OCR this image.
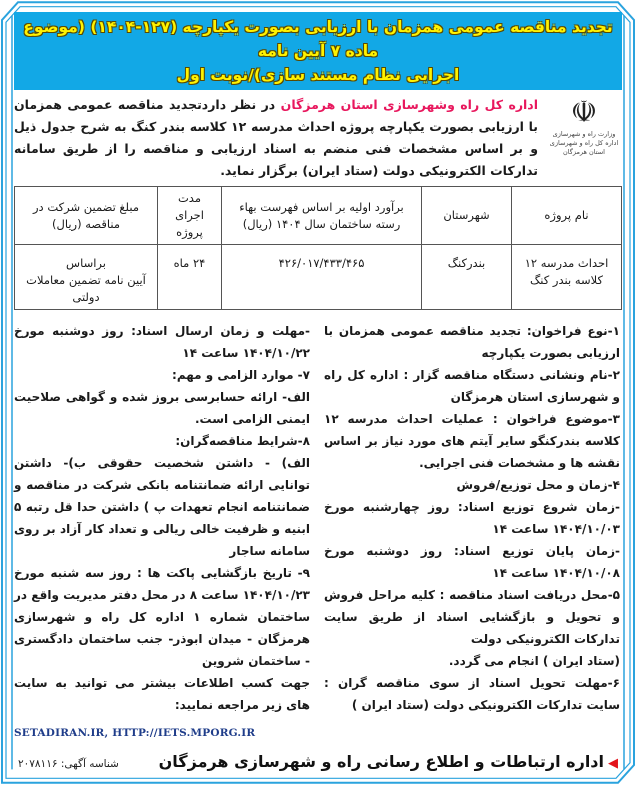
تجدید مناقصه عمومی همزمان با ارزیابی بصورت یکپارچه (۱۲۷-۱۴۰۴) (موضوع ماده ۷ آیین نامه
اجرایی نظام مستند سازی)/نوبت اول
☫
وزارت راه و شهرسازی
اداره کل راه و شهرسازی استان هرمزگان
اداره کل راه وشهرسازی استان هرمزگان در نظر داردتجدید مناقصه عمومی همزمان با ارزیابی بصورت یکپارچه پروژه احداث مدرسه ۱۲ کلاسه بندر کنگ به شرح جدول ذیل و بر اساس مشخصات فنی منضم به اسناد ارزیابی و مناقصه را از طریق سامانه تدارکات الکترونیکی دولت (ستاد ایران) برگزار نماید.
نام پروژه	شهرستان	برآورد اولیه بر اساس فهرست بهاء رسته ساختمان سال ۱۴۰۴ (ریال)	مدت اجرای پروژه	مبلغ تضمین شرکت در مناقصه (ریال)
احداث مدرسه ۱۲ کلاسه بندر کنگ	بندرکنگ	۴۲۶/۰۱۷/۴۳۳/۴۶۵	۲۴ ماه	براساس
آیین نامه تضمین معاملات دولتی

۱-نوع فراخوان: تجدید مناقصه عمومی همزمان با ارزیابی بصورت یکپارچه

۲-نام ونشانی دستگاه مناقصه گزار : اداره کل راه و شهرسازی استان هرمزگان

۳-موضوع فراخوان : عملیات احداث مدرسه ۱۲ کلاسه بندرکنگو سایر آیتم های مورد نیاز بر اساس نقشه ها و مشخصات فنی اجرایی.

۴-زمان و محل توزیع/فروش

-زمان شروع توزیع اسناد: روز چهارشنبه مورخ ۱۴۰۴/۱۰/۰۳ ساعت ۱۴

-زمان پایان توزیع اسناد: روز دوشنبه مورخ ۱۴۰۴/۱۰/۰۸ ساعت ۱۴

۵-محل دریافت اسناد مناقصه : کلیه مراحل فروش و تحویل و بازگشایی اسناد از طریق سایت تدارکات الکترونیکی دولت

(ستاد ایران ) انجام می گردد.

۶-مهلت تحویل اسناد از سوی مناقصه گران : سایت تدارکات الکترونیکی دولت (ستاد ایران )

-مهلت و زمان ارسال اسناد: روز دوشنبه مورخ ۱۴۰۴/۱۰/۲۲ ساعت ۱۴

۷- موارد الزامی و مهم:

الف- ارائه حسابرسی بروز شده و گواهی صلاحیت ایمنی الزامی است.

۸-شرایط مناقصه‌گران:

الف) - داشتن شخصیت حقوقی ب)- داشتن توانایی ارائه ضمانتنامه بانکی شرکت در مناقصه و ضمانتنامه انجام تعهدات پ ) داشتن حدا قل رتبه ۵ ابنیه و ظرفیت خالی ریالی و تعداد کار آزاد بر روی سامانه ساجار

۹- تاریخ بازگشایی پاکت ها : روز سه شنبه مورخ ۱۴۰۴/۱۰/۲۳ ساعت ۸ در محل دفتر مدیریت واقع در ساختمان شماره ۱ اداره کل راه و شهرسازی هرمزگان - میدان ابوذر- جنب ساختمان دادگستری - ساختمان شروین

جهت کسب اطلاعات بیشتر می توانید به سایت های زیر مراجعه نمایید:

SETADIRAN.IR, HTTP://IETS.MPORG.IR
شناسه آگهی: ۲۰۷۸۱۱۶	◀اداره ارتباطات و اطلاع رسانی راه و شهرسازی هرمزگان
